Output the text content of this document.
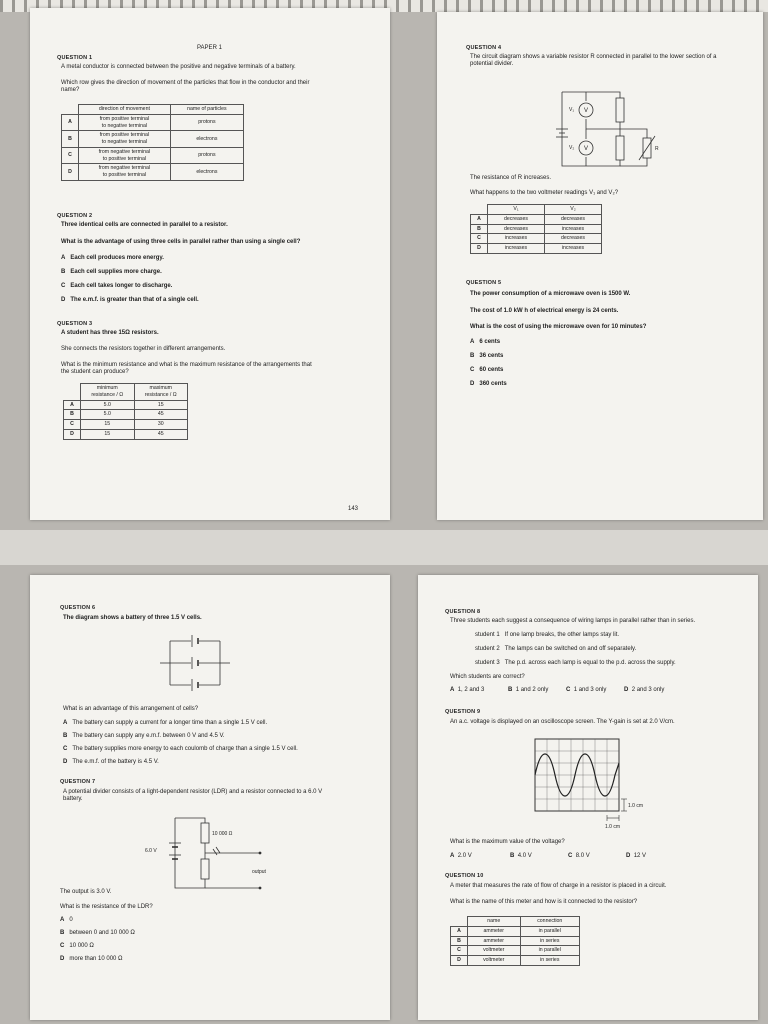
PAPER 1
QUESTION 1
A metal conductor is connected between the positive and negative terminals of a battery.
Which row gives the direction of movement of the particles that flow in the conductor and their
name?
	direction of movement	name of particles
A	from positive terminal
to negative terminal	protons
B	from positive terminal
to negative terminal	electrons
C	from negative terminal
to positive terminal	protons
D	from negative terminal
to positive terminal	electrons
QUESTION 2
Three identical cells are connected in parallel to a resistor.
What is the advantage of using three cells in parallel rather than using a single cell?
A Each cell produces more energy.
B Each cell supplies more charge.
C Each cell takes longer to discharge.
D The e.m.f. is greater than that of a single cell.
QUESTION 3
A student has three 15Ω resistors.
She connects the resistors together in different arrangements.
What is the minimum resistance and what is the maximum resistance of the arrangements that
the student can produce?
	minimum
resistance / Ω	maximum
resistance / Ω
A	5.0	15
B	5.0	45
C	15	30
D	15	45
143
QUESTION 4
The circuit diagram shows a variable resistor R connected in parallel to the lower section of a
potential divider.
V
V
V₁
V₂	R
The resistance of R increases.
What happens to the two voltmeter readings V₁ and V₂?
	V₁	V₂
A	decreases	decreases
B	decreases	increases
C	increases	decreases
D	increases	increases
QUESTION 5
The power consumption of a microwave oven is 1500 W.
The cost of 1.0 kW h of electrical energy is 24 cents.
What is the cost of using the microwave oven for 10 minutes?
A 6 cents
B 36 cents
C 60 cents
D 360 cents
QUESTION 6
The diagram shows a battery of three 1.5 V cells.
What is an advantage of this arrangement of cells?
A The battery can supply a current for a longer time than a single 1.5 V cell.
B The battery can supply any e.m.f. between 0 V and 4.5 V.
C The battery supplies more energy to each coulomb of charge than a single 1.5 V cell.
D The e.m.f. of the battery is 4.5 V.
QUESTION 7
A potential divider consists of a light-dependent resistor (LDR) and a resistor connected to a 6.0 V
battery.
6.0 V
10 000 Ω
output
The output is 3.0 V.
What is the resistance of the LDR?
A 0
B between 0 and 10 000 Ω
C 10 000 Ω
D more than 10 000 Ω
QUESTION 8
Three students each suggest a consequence of wiring lamps in parallel rather than in series.
student 1 If one lamp breaks, the other lamps stay lit.
student 2 The lamps can be switched on and off separately.
student 3 The p.d. across each lamp is equal to the p.d. across the supply.
Which students are correct?
A 1, 2 and 3	B 1 and 2 only	C 1 and 3 only	D 2 and 3 only
QUESTION 9
An a.c. voltage is displayed on an oscilloscope screen. The Y-gain is set at 2.0 V/cm.
1.0 cm
1.0 cm
What is the maximum value of the voltage?
A 2.0 V	B 4.0 V	C 8.0 V	D 12 V
QUESTION 10
A meter that measures the rate of flow of charge in a resistor is placed in a circuit.
What is the name of this meter and how is it connected to the resistor?
	name	connection
A	ammeter	in parallel
B	ammeter	in series
C	voltmeter	in parallel
D	voltmeter	in series
